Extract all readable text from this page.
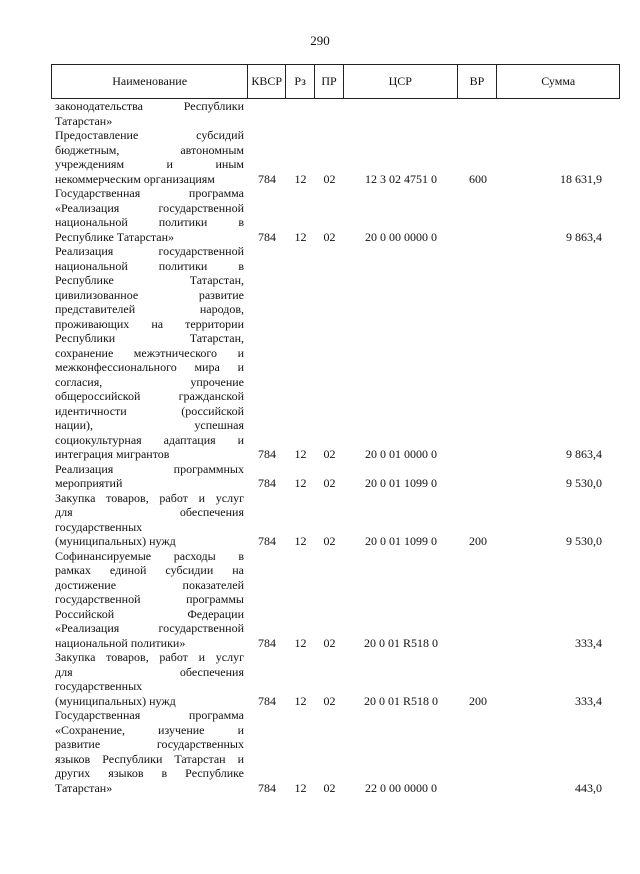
290
Наименование	КВСР	Рз	ПР	ЦСР	ВР	Сумма
законодательства Республики
Татарстан»
Предоставление субсидий
бюджетным, автономным
учреждениям и иным
некоммерческим организациям	784	12	02	12 3 02 4751 0	600	18 631,9
Государственная программа
«Реализация государственной
национальной политики в
Республике Татарстан»	784	12	02	20 0 00 0000 0	9 863,4
Реализация государственной
национальной политики в
Республике Татарстан,
цивилизованное развитие
представителей народов,
проживающих на территории
Республики Татарстан,
сохранение межэтнического и
межконфессионального мира и
согласия, упрочение
общероссийской гражданской
идентичности (российской
нации), успешная
социокультурная адаптация и
интеграция мигрантов	784	12	02	20 0 01 0000 0	9 863,4
Реализация программных
мероприятий	784	12	02	20 0 01 1099 0	9 530,0
Закупка товаров, работ и услуг
для обеспечения
государственных
(муниципальных) нужд	784	12	02	20 0 01 1099 0	200	9 530,0
Софинансируемые расходы в
рамках единой субсидии на
достижение показателей
государственной программы
Российской Федерации
«Реализация государственной
национальной политики»	784	12	02	20 0 01 R518 0	333,4
Закупка товаров, работ и услуг
для обеспечения
государственных
(муниципальных) нужд	784	12	02	20 0 01 R518 0	200	333,4
Государственная программа
«Сохранение, изучение и
развитие государственных
языков Республики Татарстан и
других языков в Республике
Татарстан»	784	12	02	22 0 00 0000 0	443,0
